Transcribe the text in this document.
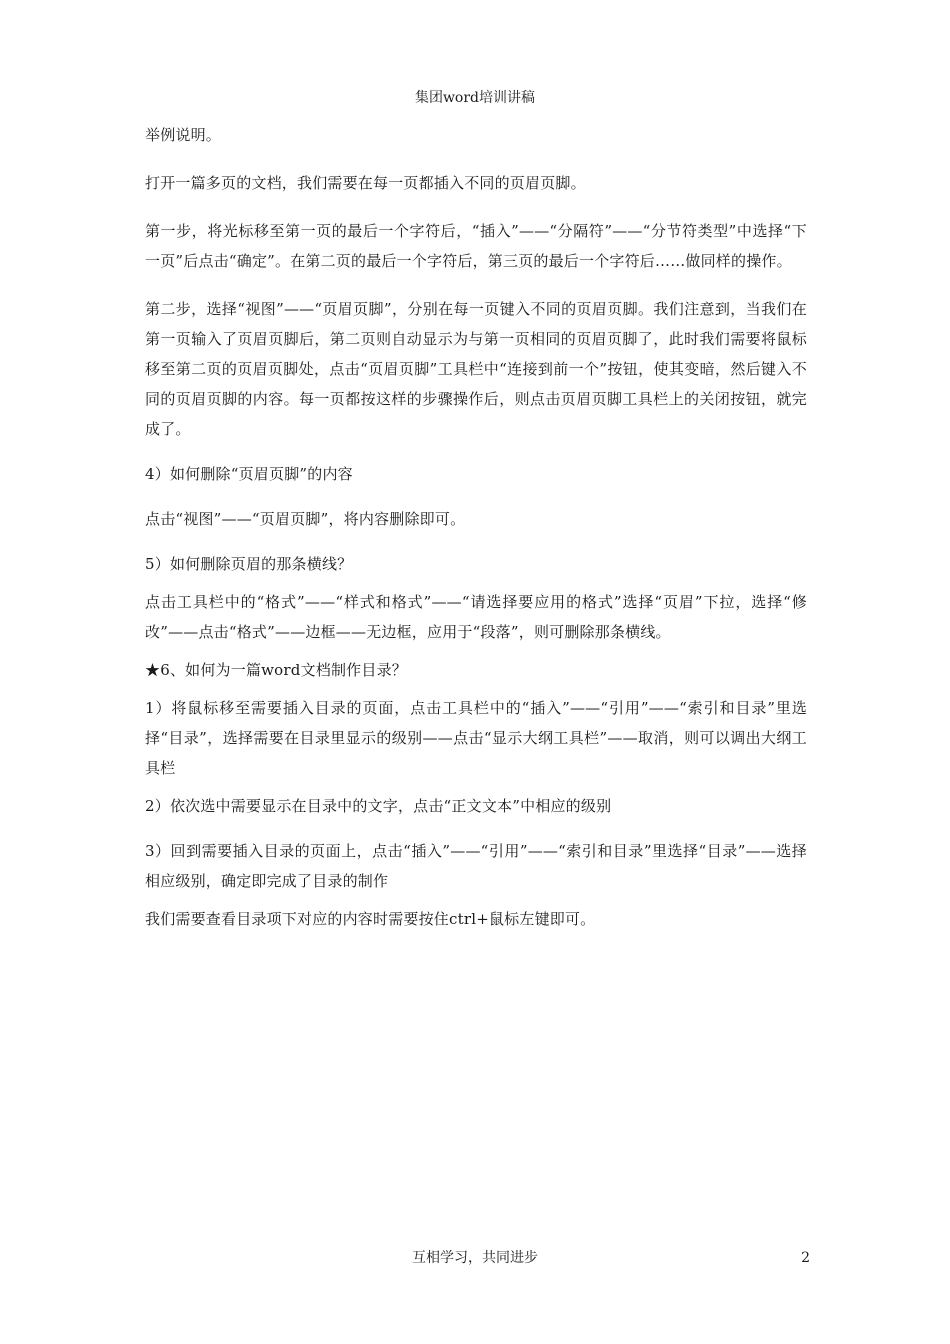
集团word培训讲稿

举例说明。

打开一篇多页的文档，我们需要在每一页都插入不同的页眉页脚。

第一步，将光标移至第一页的最后一个字符后，“插入”——“分隔符”——“分节符类型”中选择“下一页”后点击“确定”。在第二页的最后一个字符后，第三页的最后一个字符后……做同样的操作。

第二步，选择“视图”——“页眉页脚”，分别在每一页键入不同的页眉页脚。我们注意到，当我们在第一页输入了页眉页脚后，第二页则自动显示为与第一页相同的页眉页脚了，此时我们需要将鼠标移至第二页的页眉页脚处，点击“页眉页脚”工具栏中“连接到前一个”按钮，使其变暗，然后键入不同的页眉页脚的内容。每一页都按这样的步骤操作后，则点击页眉页脚工具栏上的关闭按钮，就完成了。

4）如何删除“页眉页脚”的内容

点击“视图”——“页眉页脚”，将内容删除即可。

5）如何删除页眉的那条横线？

点击工具栏中的“格式”——“样式和格式”——“请选择要应用的格式”选择“页眉”下拉，选择“修改”——点击“格式”——边框——无边框，应用于“段落”，则可删除那条横线。

★6、如何为一篇word文档制作目录？

1）将鼠标移至需要插入目录的页面，点击工具栏中的“插入”——“引用”——“索引和目录”里选择“目录”，选择需要在目录里显示的级别——点击“显示大纲工具栏”——取消，则可以调出大纲工具栏

2）依次选中需要显示在目录中的文字，点击“正文文本”中相应的级别

3）回到需要插入目录的页面上，点击“插入”——“引用”——“索引和目录”里选择“目录”——选择相应级别，确定即完成了目录的制作

我们需要查看目录项下对应的内容时需要按住ctrl+鼠标左键即可。

互相学习，共同进步	2
